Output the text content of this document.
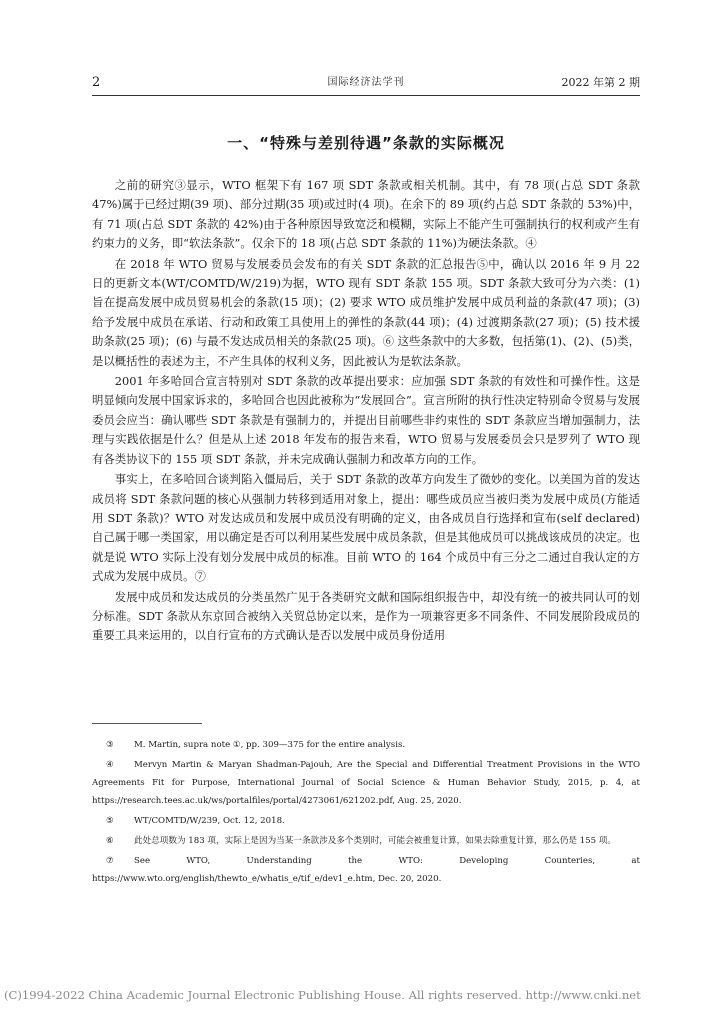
2	国际经济法学刊	2022 年第 2 期
一、“特殊与差别待遇”条款的实际概况

之前的研究③显示，WTO 框架下有 167 项 SDT 条款或相关机制。其中，有 78 项(占总 SDT 条款 47%)属于已经过期(39 项)、部分过期(35 项)或过时(4 项)。在余下的 89 项(约占总 SDT 条款的 53%)中，有 71 项(占总 SDT 条款的 42%)由于各种原因导致宽泛和模糊，实际上不能产生可强制执行的权利或产生有约束力的义务，即“软法条款”。仅余下的 18 项(占总 SDT 条款的 11%)为硬法条款。④

在 2018 年 WTO 贸易与发展委员会发布的有关 SDT 条款的汇总报告⑤中，确认以 2016 年 9 月 22 日的更新文本(WT/COMTD/W/219)为据，WTO 现有 SDT 条款 155 项。SDT 条款大致可分为六类：(1) 旨在提高发展中成员贸易机会的条款(15 项)；(2) 要求 WTO 成员维护发展中成员利益的条款(47 项)；(3) 给予发展中成员在承诺、行动和政策工具使用上的弹性的条款(44 项)；(4) 过渡期条款(27 项)；(5) 技术援助条款(25 项)；(6) 与最不发达成员相关的条款(25 项)。⑥ 这些条款中的大多数，包括第(1)、(2)、(5)类，是以概括性的表述为主，不产生具体的权利义务，因此被认为是软法条款。

2001 年多哈回合宣言特别对 SDT 条款的改革提出要求：应加强 SDT 条款的有效性和可操作性。这是明显倾向发展中国家诉求的，多哈回合也因此被称为“发展回合”。宣言所附的执行性决定特别命令贸易与发展委员会应当：确认哪些 SDT 条款是有强制力的，并提出目前哪些非约束性的 SDT 条款应当增加强制力，法理与实践依据是什么？但是从上述 2018 年发布的报告来看，WTO 贸易与发展委员会只是罗列了 WTO 现有各类协议下的 155 项 SDT 条款，并未完成确认强制力和改革方向的工作。

事实上，在多哈回合谈判陷入僵局后，关于 SDT 条款的改革方向发生了微妙的变化。以美国为首的发达成员将 SDT 条款问题的核心从强制力转移到适用对象上，提出：哪些成员应当被归类为发展中成员(方能适用 SDT 条款)？WTO 对发达成员和发展中成员没有明确的定义，由各成员自行选择和宣布(self declared)自己属于哪一类国家，用以确定是否可以利用某些发展中成员条款，但是其他成员可以挑战该成员的决定。也就是说 WTO 实际上没有划分发展中成员的标准。目前 WTO 的 164 个成员中有三分之二通过自我认定的方式成为发展中成员。⑦

发展中成员和发达成员的分类虽然广见于各类研究文献和国际组织报告中，却没有统一的被共同认可的划分标准。SDT 条款从东京回合被纳入关贸总协定以来，是作为一项兼容更多不同条件、不同发展阶段成员的重要工具来运用的，以自行宣布的方式确认是否以发展中成员身份适用

③ M. Martin, supra note ①, pp. 309—375 for the entire analysis.
④ Mervyn Martin & Maryan Shadman-Pajouh, Are the Special and Differential Treatment Provisions in the WTO Agreements Fit for Purpose, International Journal of Social Science & Human Behavior Study, 2015, p. 4, at https://research.tees.ac.uk/ws/portalfiles/portal/4273061/621202.pdf, Aug. 25, 2020.
⑤ WT/COMTD/W/239, Oct. 12, 2018.
⑥ 此处总项数为 183 项，实际上是因为当某一条款涉及多个类别时，可能会被重复计算，如果去除重复计算，那么仍是 155 项。
⑦ See WTO, Understanding the WTO: Developing Counteries, at https://www.wto.org/english/thewto_e/whatis_e/tif_e/dev1_e.htm, Dec. 20, 2020.
(C)1994-2022 China Academic Journal Electronic Publishing House. All rights reserved. http://www.cnki.net
